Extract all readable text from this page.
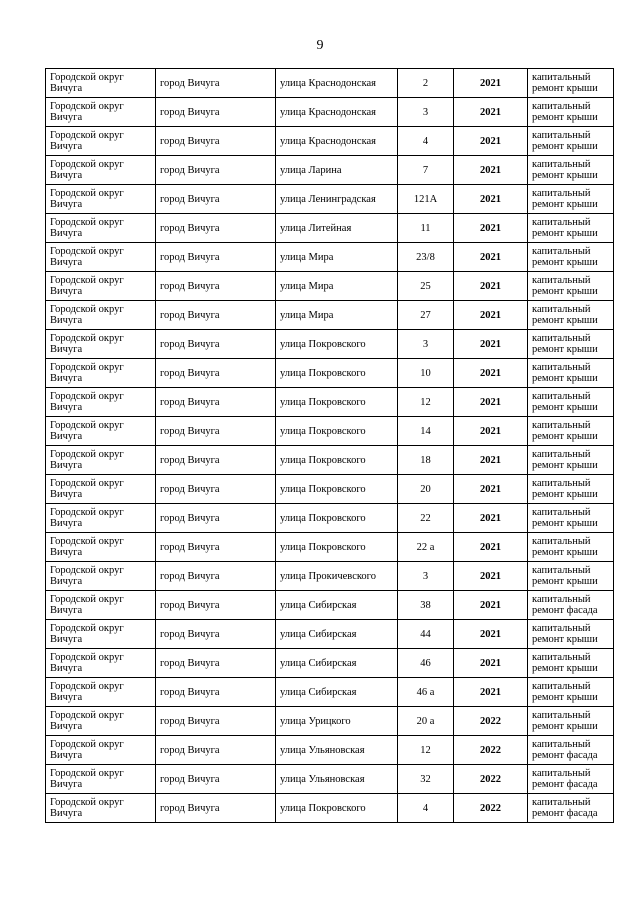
9
Городской округ Вичуга	город Вичуга	улица Краснодонская	2	2021	капитальный ремонт крыши
Городской округ Вичуга	город Вичуга	улица Краснодонская	3	2021	капитальный ремонт крыши
Городской округ Вичуга	город Вичуга	улица Краснодонская	4	2021	капитальный ремонт крыши
Городской округ Вичуга	город Вичуга	улица Ларина	7	2021	капитальный ремонт крыши
Городской округ Вичуга	город Вичуга	улица Ленинградская	121А	2021	капитальный ремонт крыши
Городской округ Вичуга	город Вичуга	улица Литейная	11	2021	капитальный ремонт крыши
Городской округ Вичуга	город Вичуга	улица Мира	23/8	2021	капитальный ремонт крыши
Городской округ Вичуга	город Вичуга	улица Мира	25	2021	капитальный ремонт крыши
Городской округ Вичуга	город Вичуга	улица Мира	27	2021	капитальный ремонт крыши
Городской округ Вичуга	город Вичуга	улица Покровского	3	2021	капитальный ремонт крыши
Городской округ Вичуга	город Вичуга	улица Покровского	10	2021	капитальный ремонт крыши
Городской округ Вичуга	город Вичуга	улица Покровского	12	2021	капитальный ремонт крыши
Городской округ Вичуга	город Вичуга	улица Покровского	14	2021	капитальный ремонт крыши
Городской округ Вичуга	город Вичуга	улица Покровского	18	2021	капитальный ремонт крыши
Городской округ Вичуга	город Вичуга	улица Покровского	20	2021	капитальный ремонт крыши
Городской округ Вичуга	город Вичуга	улица Покровского	22	2021	капитальный ремонт крыши
Городской округ Вичуга	город Вичуга	улица Покровского	22 а	2021	капитальный ремонт крыши
Городской округ Вичуга	город Вичуга	улица Прокичевского	3	2021	капитальный ремонт крыши
Городской округ Вичуга	город Вичуга	улица Сибирская	38	2021	капитальный ремонт фасада
Городской округ Вичуга	город Вичуга	улица Сибирская	44	2021	капитальный ремонт крыши
Городской округ Вичуга	город Вичуга	улица Сибирская	46	2021	капитальный ремонт крыши
Городской округ Вичуга	город Вичуга	улица Сибирская	46 а	2021	капитальный ремонт крыши
Городской округ Вичуга	город Вичуга	улица Урицкого	20 а	2022	капитальный ремонт крыши
Городской округ Вичуга	город Вичуга	улица Ульяновская	12	2022	капитальный ремонт фасада
Городской округ Вичуга	город Вичуга	улица Ульяновская	32	2022	капитальный ремонт фасада
Городской округ Вичуга	город Вичуга	улица Покровского	4	2022	капитальный ремонт фасада
